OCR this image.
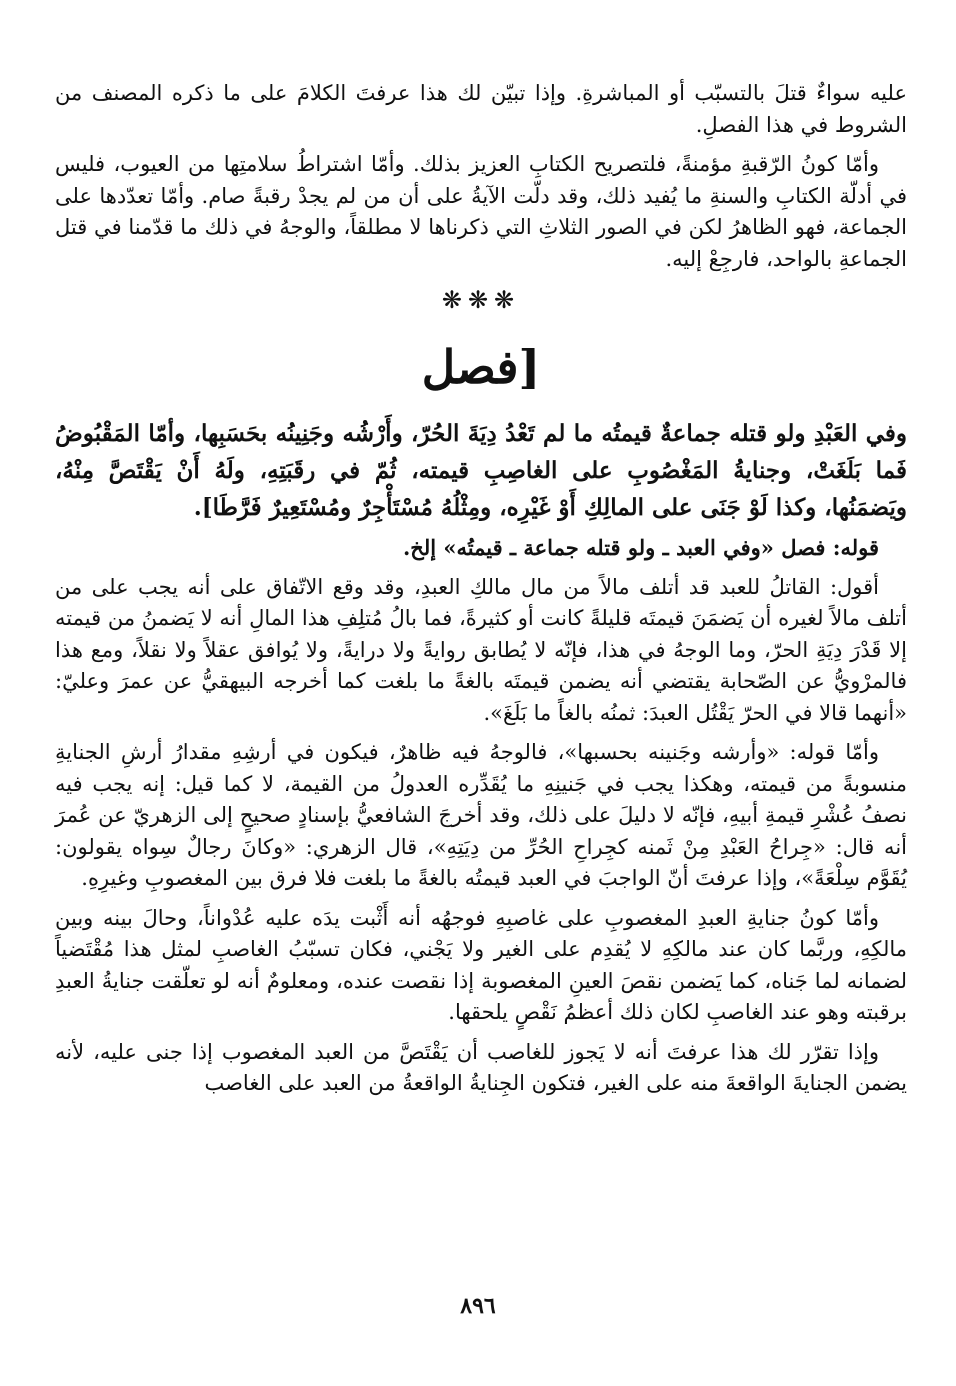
عليه سواءٌ قتلَ بالتسبّب أو المباشرةِ. وإذا تبيّن لك هذا عرفتَ الكلامَ على ما ذكره المصنف من الشروط في هذا الفصلِ.

وأمّا كونُ الرّقبةِ مؤمنةً، فلتصريح الكتابِ العزيز بذلك. وأمّا اشتراطُ سلامتِها من العيوب، فليس في أدلّة الكتابِ والسنةِ ما يُفيد ذلك، وقد دلّت الآيةُ على أن من لم يجدْ رقبةً صام. وأمّا تعدّدها على الجماعة، فهو الظاهرُ لكن في الصور الثلاثِ التي ذكرناها لا مطلقاً، والوجهُ في ذلك ما قدّمنا في قتل الجماعةِ بالواحد، فارجِعْ إليه.

❋❋❋
[فصل

وفي العَبْدِ ولو قتله جماعةٌ قيمتُه ما لم تَعْدُ دِيَةَ الحُرّ، وأَرْشُه وجَنِينُه بحَسَبِها، وأمّا المَقْبُوضُ فَما بَلَغَتْ، وجنايةُ المَغْصُوبِ على الغاصِبِ قيمته، ثُمّ في رقَبَتِهِ، ولَهُ أَنْ يَقْتَصَّ مِنْهُ، ويَضمَنُها، وكذا لَوْ جَنَى على المالِكِ أَوْ غَيْرِه، ومِثْلُهُ مُسْتَأْجِرٌ ومُسْتَعِيرٌ فَرَّطَا].

قوله: فصل «وفي العبد ـ ولو قتله جماعة ـ قيمتُه» إلخ.

أقول: القاتلُ للعبد قد أتلف مالاً من مال مالكِ العبدِ، وقد وقع الاتّفاق على أنه يجب على من أتلف مالاً لغيره أن يَضمَنَ قيمتَه قليلةً كانت أو كثيرةً، فما بالُ مُتلِفِ هذا المالِ أنه لا يَضمنُ من قيمته إلا قَدْرَ دِيَةِ الحرّ، وما الوجهُ في هذا، فإنّه لا يُطابق روايةً ولا درايةً، ولا يُوافق عقلاً ولا نقلاً، ومع هذا فالمرْويُّ عن الصّحابة يقتضي أنه يضمن قيمتَه بالغةً ما بلغت كما أخرجه البيهقيُّ عن عمرَ وعليّ: «أنهما قالا في الحرّ يَقْتُل العبدَ: ثمنُه بالغاً ما بَلَغَ».

وأمّا قوله: «وأرشه وجَنينه بحسبها»، فالوجهُ فيه ظاهرٌ، فيكون في أرشِهِ مقدارُ أرشِ الجنايةِ منسوبةً من قيمته، وهكذا يجب في جَنينِهِ ما يُقَدِّره العدولُ من القيمة، لا كما قيل: إنه يجب فيه نصفُ عُشْرِ قيمةِ أبيهِ، فإنّه لا دليلَ على ذلك، وقد أخرجَ الشافعيُّ بإسنادٍ صحيحٍ إلى الزهريّ عن عُمرَ أنه قال: «جِراحُ العَبْدِ مِنْ ثَمنه كجِراحِ الحُرِّ من دِيَتِهِ»، قال الزهري: «وكانَ رجالٌ سِواه يقولون: يُقَوَّم سِلْعَةً»، وإذا عرفتَ أنّ الواجبَ في العبد قيمتُه بالغةً ما بلغت فلا فرق بين المغصوبِ وغيرِهِ.

وأمّا كونُ جنايةِ العبدِ المغصوبِ على غاصبِهِ فوجهُه أنه أَثْبت يدَه عليه عُدْواناً، وحالَ بينه وبين مالكِهِ، وربَّما كان عند مالكِهِ لا يُقدِم على الغير ولا يَجْني، فكان تسبّبُ الغاصبِ لمثل هذا مُقْتَضياً لضمانه لما جَناه، كما يَضمن نقصَ العينِ المغصوبة إذا نقصت عنده، ومعلومٌ أنه لو تعلّقت جنايةُ العبدِ برقبته وهو عند الغاصبِ لكان ذلك أعظمُ نَقْصٍ يلحقها.

وإذا تقرّر لك هذا عرفتَ أنه لا يَجوز للغاصب أن يَقْتَصَّ من العبد المغصوب إذا جنى عليه، لأنه يضمن الجنايةَ الواقعةَ منه على الغير، فتكون الجِنايةُ الواقعةُ من العبد على الغاصب

٨٩٦
